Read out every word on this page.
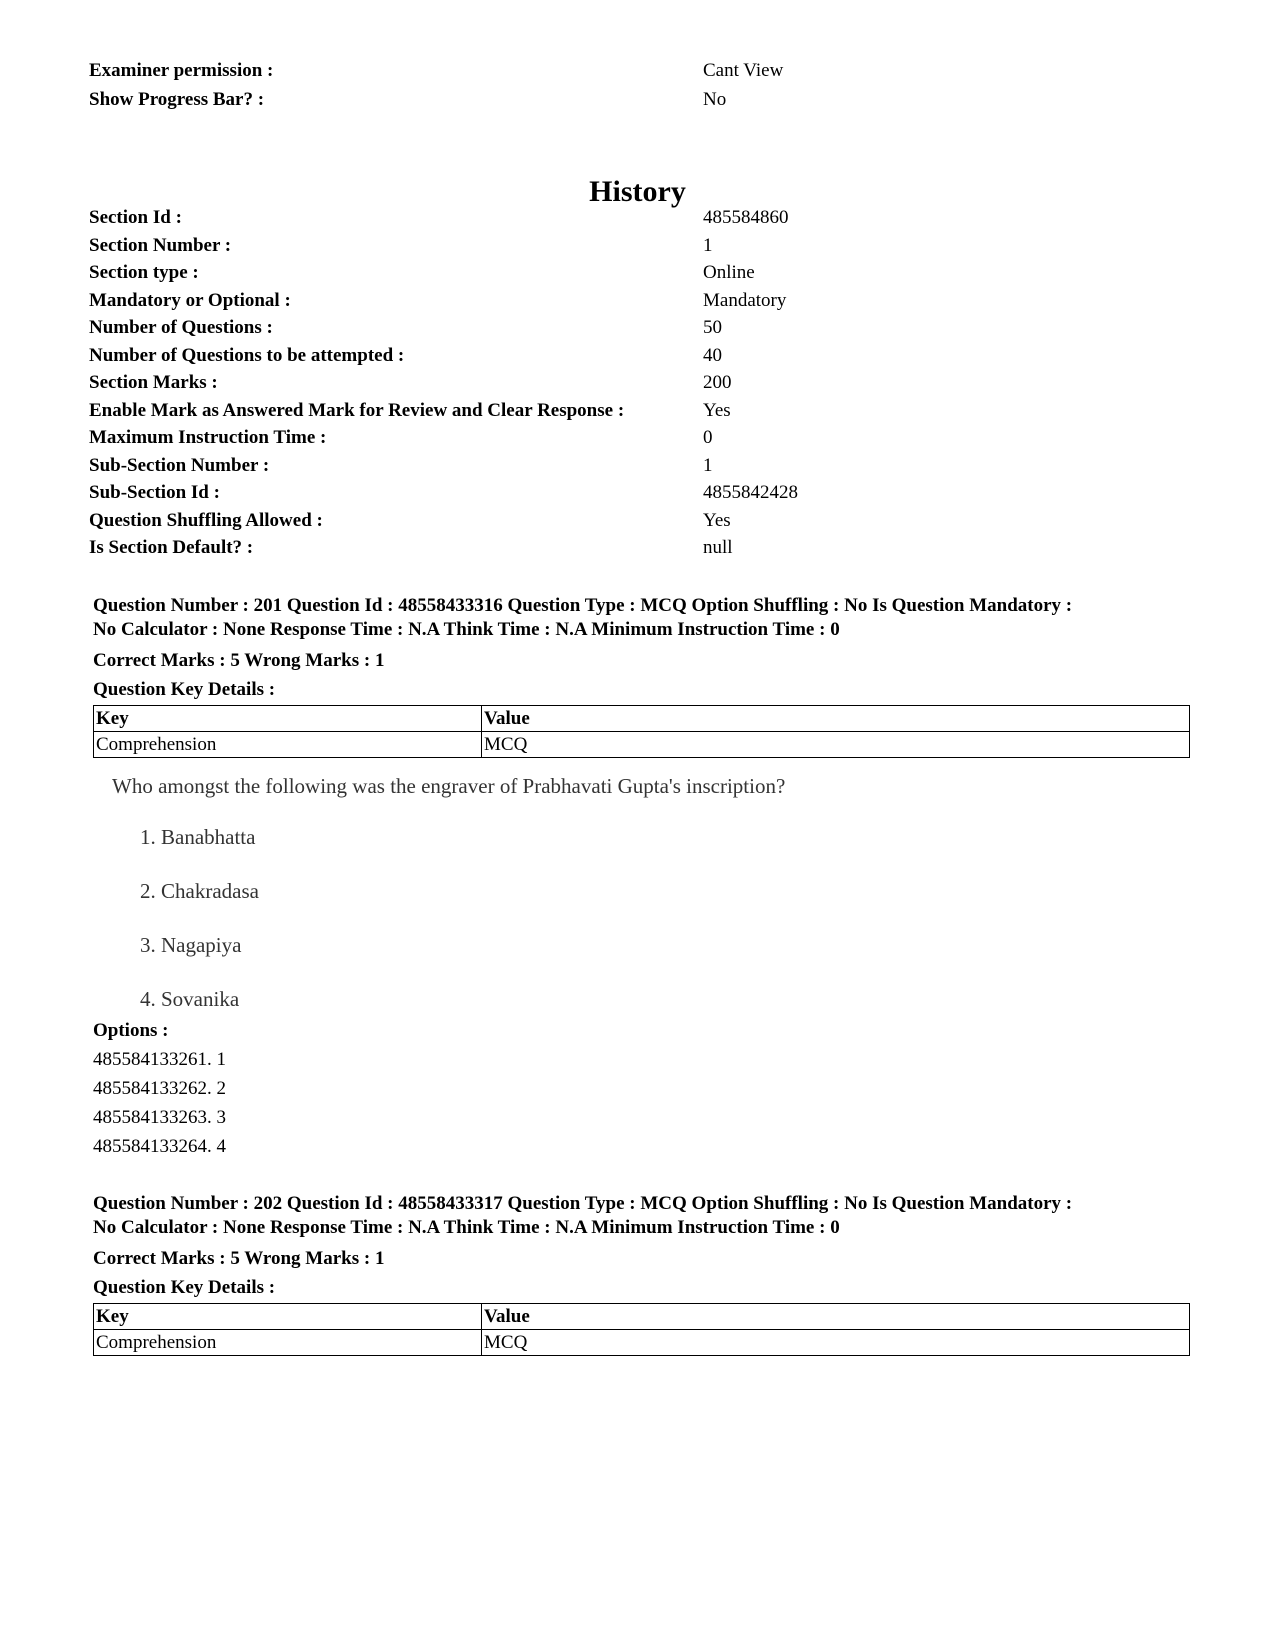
Examiner permission :	Cant View
Show Progress Bar? :	No
History
Section Id :	485584860
Section Number :	1
Section type :	Online
Mandatory or Optional :	Mandatory
Number of Questions :	50
Number of Questions to be attempted :	40
Section Marks :	200
Enable Mark as Answered Mark for Review and Clear Response :	Yes
Maximum Instruction Time :	0
Sub-Section Number :	1
Sub-Section Id :	4855842428
Question Shuffling Allowed :	Yes
Is Section Default? :	null
Question Number : 201 Question Id : 48558433316 Question Type : MCQ Option Shuffling : No Is Question Mandatory :
No Calculator : None Response Time : N.A Think Time : N.A Minimum Instruction Time : 0
Correct Marks : 5 Wrong Marks : 1
Question Key Details :
Key	Value
Comprehension	MCQ
Who amongst the following was the engraver of Prabhavati Gupta's inscription?
1. Banabhatta
2. Chakradasa
3. Nagapiya
4. Sovanika
Options :
485584133261. 1
485584133262. 2
485584133263. 3
485584133264. 4
Question Number : 202 Question Id : 48558433317 Question Type : MCQ Option Shuffling : No Is Question Mandatory :
No Calculator : None Response Time : N.A Think Time : N.A Minimum Instruction Time : 0
Correct Marks : 5 Wrong Marks : 1
Question Key Details :
Key	Value
Comprehension	MCQ
